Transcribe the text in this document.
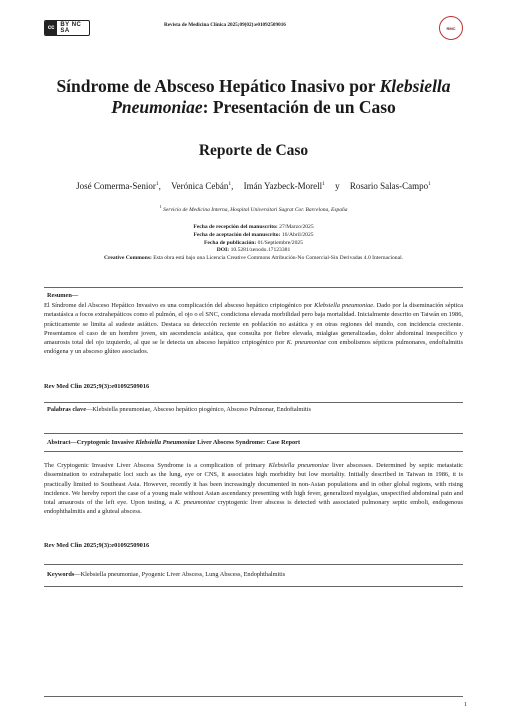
cc BY NC SA
Revista de Medicina Clínica 2025;09(02):e01092509016	RMC
Síndrome de Absceso Hepático Inasivo por Klebsiella Pneumoniae: Presentación de un Caso
Reporte de Caso
José Comerma-Senior$^1$, Verónica Cebán$^1$, Imán Yazbeck-Morell$^1$ y Rosario Salas-Campo$^1$
$^1$ Servicio de Medicina Interna, Hospital Universitari Sagrat Cor. Barcelona, España
Fecha de recepción del manuscrito: 27/Marzo/2025
Fecha de aceptación del manuscrito: 16/Abril/2025
Fecha de publicación: 01/Septiembre/2025
DOI: 10.5281/zenodo.17123381
Creative Commons: Esta obra está bajo una Licencia Creative Commons Atribución-No Comercial-Sin Derivadas 4.0 Internacional.
Resumen—
El Síndrome del Absceso Hepático Invasivo es una complicación del absceso hepático criptogénico por Klebsiella pneumoniae. Dado por la diseminación séptica metastásica a focos extrahepáticos como el pulmón, el ojo o el SNC, condiciona elevada morbilidad pero baja mortalidad. Inicialmente descrito en Taiwán en 1986, prácticamente se limita al sudeste asiático. Destaca su detección reciente en población no asiática y en otras regiones del mundo, con incidencia creciente. Presentamos el caso de un hombre joven, sin ascendencia asiática, que consulta por fiebre elevada, mialgias generalizadas, dolor abdominal inespecífico y amaurosis total del ojo izquierdo, al que se le detecta un absceso hepático criptogénico por K. pneumoniae con embolismos sépticos pulmonares, endoftalmitis endógena y un absceso glúteo asociados.
Rev Med Clin 2025;9(3):e01092509016
Palabras clave—Klebsiella pneumoniae, Absceso hepático piogénico, Absceso Pulmonar, Endoftalmitis
Abstract—Cryptogenic Invasive Klebsiella Pneumoniae Liver Abscess Syndrome: Case Report
The Cryptogenic Invasive Liver Abscess Syndrome is a complication of primary Klebsiella pneumoniae liver abscesses. Determined by septic metastatic dissemination to extrahepatic loci such as the lung, eye or CNS, it associates high morbidity but low mortality. Initially described in Taiwan in 1986, it is practically limited to Southeast Asia. However, recently it has been increasingly documented in non-Asian populations and in other global regions, with rising incidence. We hereby report the case of a young male without Asian ascendancy presenting with high fever, generalized myalgias, unspecified abdominal pain and total amaurosis of the left eye. Upon testing, a K. pneumoniae cryptogenic liver abscess is detected with associated pulmonary septic emboli, endogenous endophthalmitis and a gluteal abscess.
Rev Med Clin 2025;9(3):e01092509016
Keywords—Klebsiella pneumoniae, Pyogenic Liver Abscess, Lung Abscess, Endophthalmitis
1
